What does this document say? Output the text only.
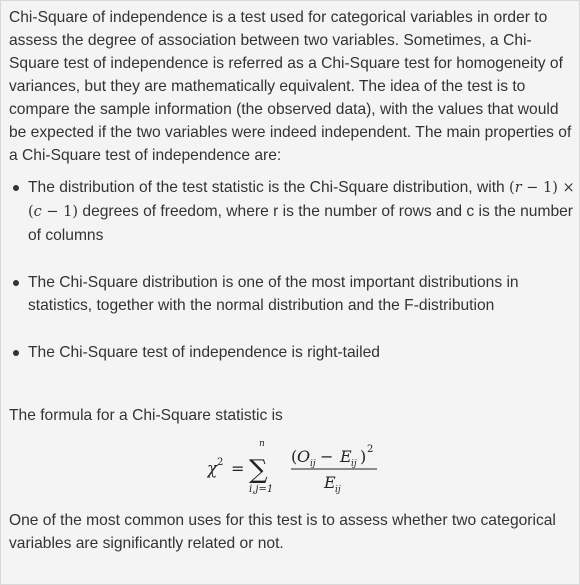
Chi-Square of independence is a test used for categorical variables in order to assess the degree of association between two variables. Sometimes, a Chi-Square test of independence is referred as a Chi-Square test for homogeneity of variances, but they are mathematically equivalent. The idea of the test is to compare the sample information (the observed data), with the values that would be expected if the two variables were indeed independent. The main properties of a Chi-Square test of independence are:

The distribution of the test statistic is the Chi-Square distribution, with (r − 1) × (c − 1) degrees of freedom, where r is the number of rows and c is the number of columns
The Chi-Square distribution is one of the most important distributions in statistics, together with the normal distribution and the F-distribution
The Chi-Square test of independence is right-tailed

The formula for a Chi-Square statistic is

χ 2 = ∑
n
i,j=1
( O ij − E ij ) 2
E ij

One of the most common uses for this test is to assess whether two categorical variables are significantly related or not.
